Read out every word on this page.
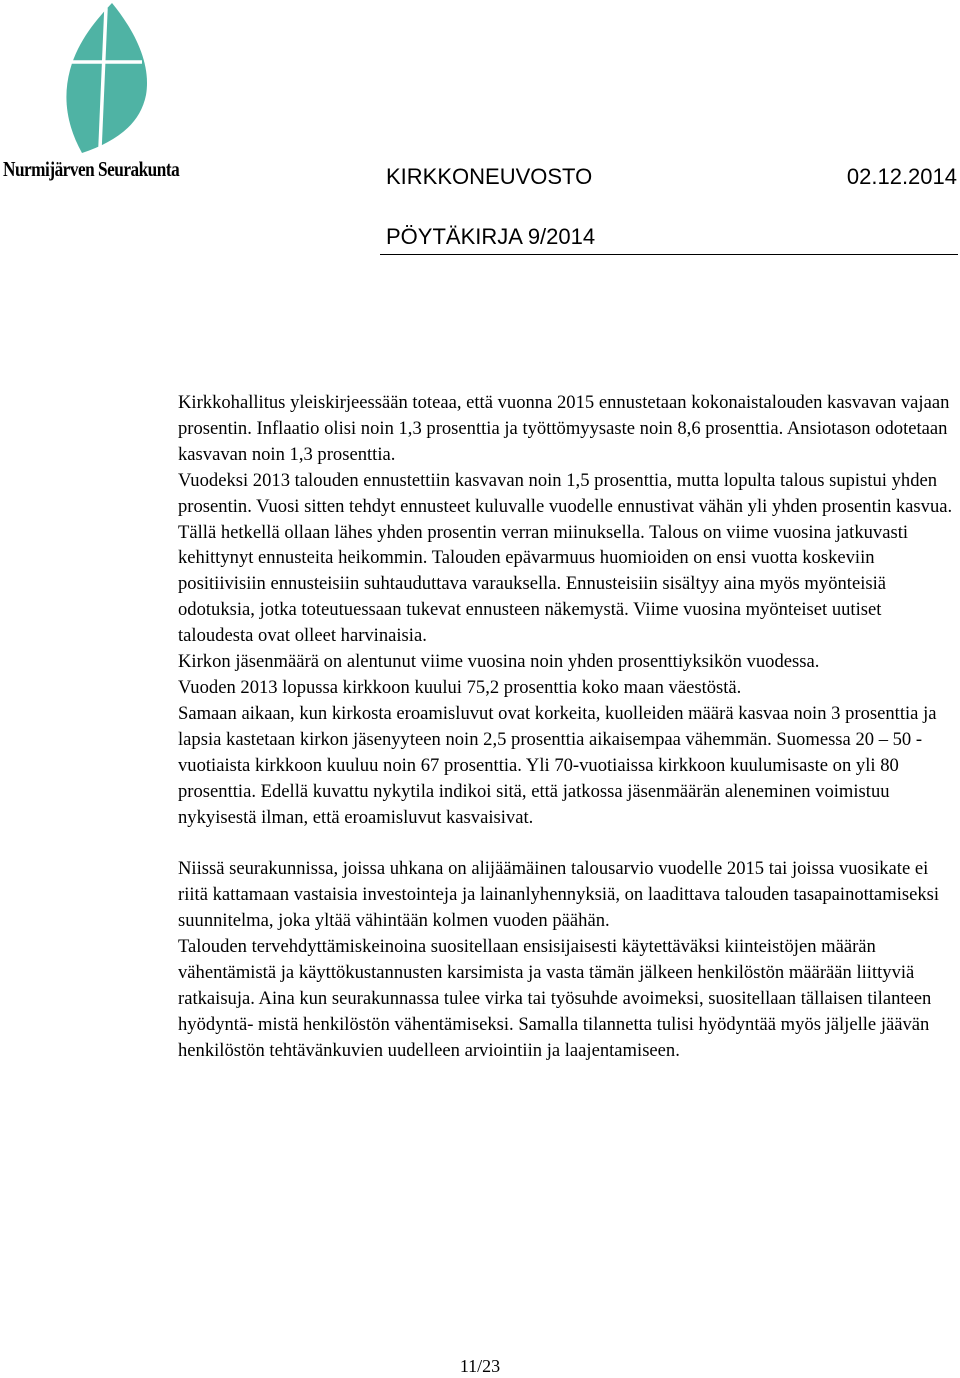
Nurmijärven Seurakunta	KIRKKONEUVOSTO	02.12.2014
PÖYTÄKIRJA 9/2014

Kirkkohallitus yleiskirjeessään toteaa, että vuonna 2015 ennustetaan kokonaistalouden kasvavan vajaan prosentin. Inflaatio olisi noin 1,3 prosenttia ja työttömyysaste noin 8,6 prosenttia. Ansiotason odotetaan kasvavan noin 1,3 prosenttia.

Vuodeksi 2013 talouden ennustettiin kasvavan noin 1,5 prosenttia, mutta lopulta talous supistui yhden prosentin. Vuosi sitten tehdyt ennusteet kuluvalle vuodelle ennustivat vähän yli yhden prosentin kasvua. Tällä hetkellä ollaan lähes yhden prosentin verran miinuksella. Talous on viime vuosina jatkuvasti kehittynyt ennusteita heikommin. Talouden epävarmuus huomioiden on ensi vuotta koskeviin positiivisiin ennusteisiin suhtauduttava varauksella. Ennusteisiin sisältyy aina myös myönteisiä odotuksia, jotka toteutuessaan tukevat ennusteen näkemystä. Viime vuosina myönteiset uutiset taloudesta ovat olleet harvinaisia.

Kirkon jäsenmäärä on alentunut viime vuosina noin yhden prosenttiyksikön vuodessa.

Vuoden 2013 lopussa kirkkoon kuului 75,2 prosenttia koko maan väestöstä.

Samaan aikaan, kun kirkosta eroamisluvut ovat korkeita, kuolleiden määrä kasvaa noin 3 prosenttia ja lapsia kastetaan kirkon jäsenyyteen noin 2,5 prosenttia aikaisempaa vähemmän. Suomessa 20 – 50 -vuotiaista kirkkoon kuuluu noin 67 prosenttia. Yli 70-vuotiaissa kirkkoon kuulumisaste on yli 80 prosenttia. Edellä kuvattu nykytila indikoi sitä, että jatkossa jäsenmäärän aleneminen voimistuu nykyisestä ilman, että eroamisluvut kasvaisivat.

Niissä seurakunnissa, joissa uhkana on alijäämäinen talousarvio vuodelle 2015 tai joissa vuosikate ei riitä kattamaan vastaisia investointeja ja lainanlyhennyksiä, on laadittava talouden tasapainottamiseksi suunnitelma, joka yltää vähintään kolmen vuoden päähän.

Talouden tervehdyttämiskeinoina suositellaan ensisijaisesti käytettäväksi kiinteistöjen määrän vähentämistä ja käyttökustannusten karsimista ja vasta tämän jälkeen henkilöstön määrään liittyviä ratkaisuja. Aina kun seurakunnassa tulee virka tai työsuhde avoimeksi, suositellaan tällaisen tilanteen hyödyntä- mistä henkilöstön vähentämiseksi. Samalla tilannetta tulisi hyödyntää myös jäljelle jäävän henkilöstön tehtävänkuvien uudelleen arviointiin ja laajentamiseen.

11/23
